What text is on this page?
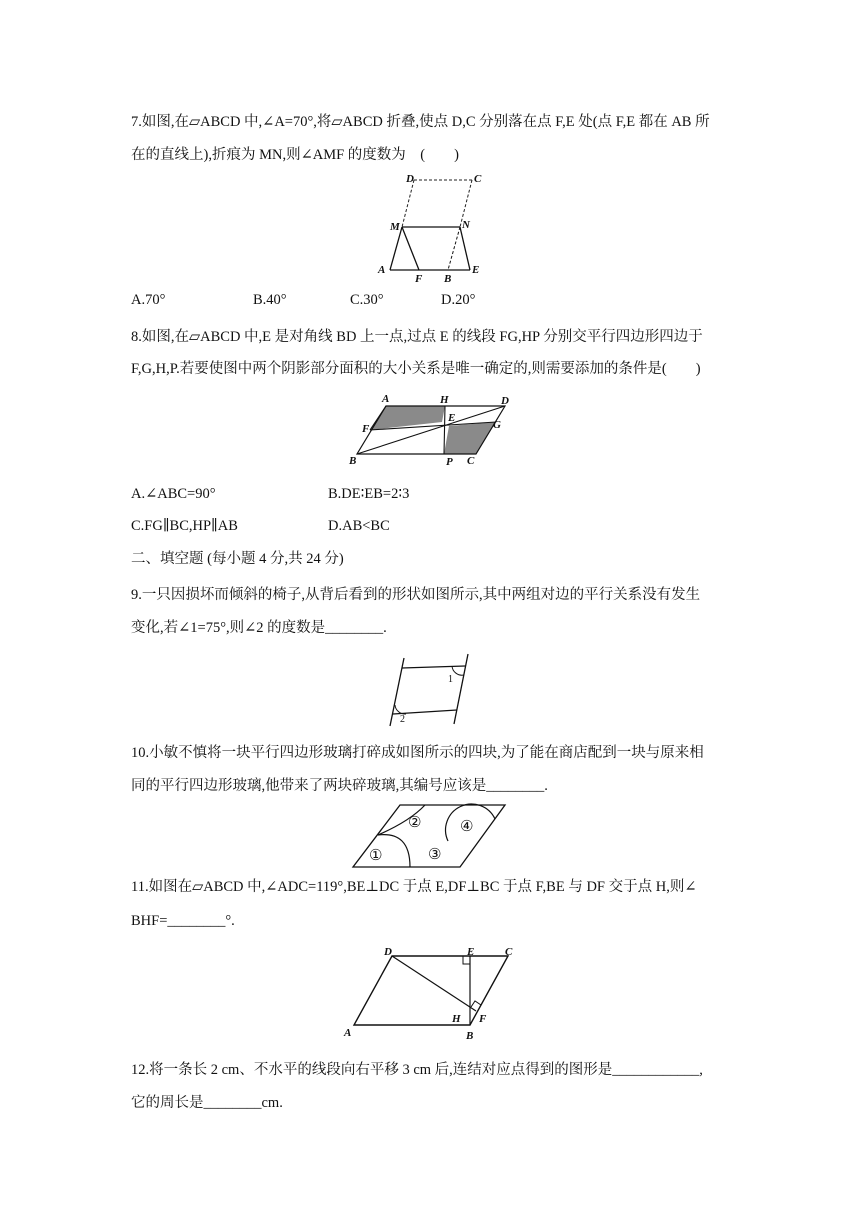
7.如图,在▱ABCD 中,∠A=70°,将▱ABCD 折叠,使点 D,C 分别落在点 F,E 处(点 F,E 都在 AB 所
在的直线上),折痕为 MN,则∠AMF 的度数为　(　　)
D	C
M	N
A
F B
E
A.70°	B.40°	C.30°	D.20°
8.如图,在▱ABCD 中,E 是对角线 BD 上一点,过点 E 的线段 FG,HP 分别交平行四边形四边于
F,G,H,P.若要使图中两个阴影部分面积的大小关系是唯一确定的,则需要添加的条件是(　　)
A	H	D
E
F	G
B	P C
A.∠ABC=90°	B.DE∶EB=2∶3
C.FG∥BC,HP∥AB	D.AB<BC
二、填空题 (每小题 4 分,共 24 分)
9.一只因损坏而倾斜的椅子,从背后看到的形状如图所示,其中两组对边的平行关系没有发生
变化,若∠1=75°,则∠2 的度数是________.
1
2
10.小敏不慎将一块平行四边形玻璃打碎成如图所示的四块,为了能在商店配到一块与原来相
同的平行四边形玻璃,他带来了两块碎玻璃,其编号应该是________.
①
②
③
④
11.如图在▱ABCD 中,∠ADC=119°,BE⊥DC 于点 E,DF⊥BC 于点 F,BE 与 DF 交于点 H,则∠
BHF=________°.
D	E	C
A
H F
B
12.将一条长 2 cm、不水平的线段向右平移 3 cm 后,连结对应点得到的图形是____________,
它的周长是________cm.
